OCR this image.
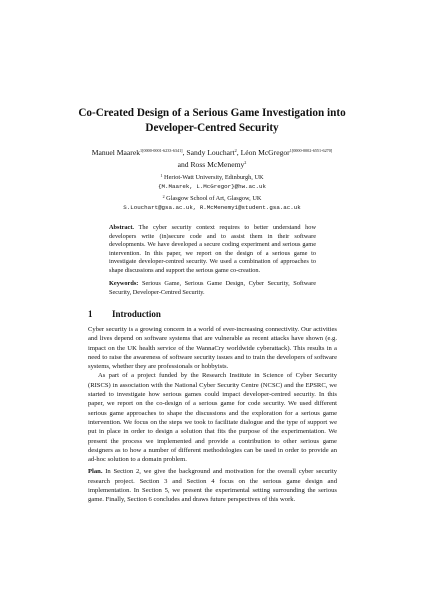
Co-Created Design of a Serious Game Investigation into
Developer-Centred Security
Manuel Maarek$^{1[0000-0001-6233-6341]}$, Sandy Louchart$^2$, Léon McGregor$^{1[0000-0002-6551-6270]}$
and Ross McMenemy$^2$
$^1$ Heriot-Watt University, Edinburgh, UK
{M.Maarek, L.McGregor}@hw.ac.uk
$^2$ Glasgow School of Art, Glasgow, UK
S.Louchart@gsa.ac.uk, R.McMenemy1@student.gsa.ac.uk
Abstract. The cyber security context requires to better understand how developers write (in)secure code and to assist them in their software developments. We have developed a secure coding experiment and serious game intervention. In this paper, we report on the design of a serious game to investigate developer-centred security. We used a combination of approaches to shape discussions and support the serious game co-creation.
Keywords: Serious Game, Serious Game Design, Cyber Security, Software Security, Developer-Centred Security.
1 Introduction

Cyber security is a growing concern in a world of ever-increasing connectivity. Our activities and lives depend on software systems that are vulnerable as recent attacks have shown (e.g. impact on the UK health service of the WannaCry worldwide cyberattack). This results in a need to raise the awareness of software security issues and to train the developers of software systems, whether they are professionals or hobbyists.

As part of a project funded by the Research Institute in Science of Cyber Security (RISCS) in association with the National Cyber Security Centre (NCSC) and the EPSRC, we started to investigate how serious games could impact developer-centred security. In this paper, we report on the co-design of a serious game for code security. We used different serious game approaches to shape the discussions and the exploration for a serious game intervention. We focus on the steps we took to facilitate dialogue and the type of support we put in place in order to design a solution that fits the purpose of the experimentation. We present the process we implemented and provide a contribution to other serious game designers as to how a number of different methodologies can be used in order to provide an ad-hoc solution to a domain problem.

Plan. In Section 2, we give the background and motivation for the overall cyber security research project. Section 3 and Section 4 focus on the serious game design and implementation. In Section 5, we present the experimental setting surrounding the serious game. Finally, Section 6 concludes and draws future perspectives of this work.
